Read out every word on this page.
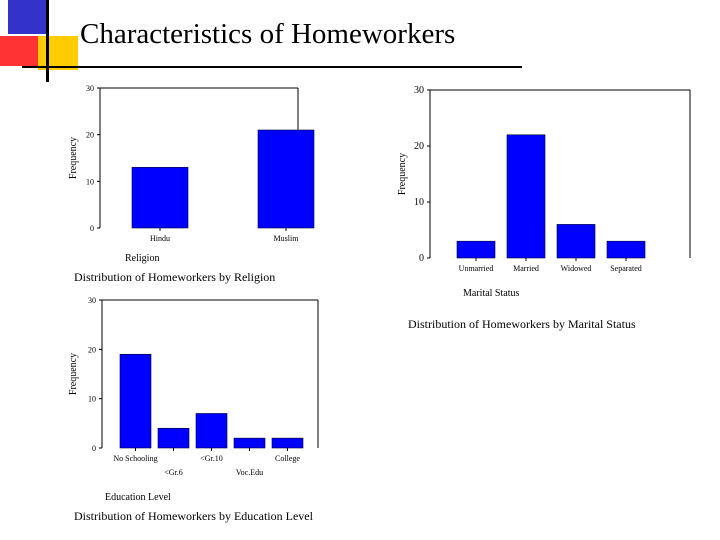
Characteristics of Homeworkers
0
10
20
30
Frequency
Hindu	Muslim
Religion
Distribution of Homeworkers by Religion
0
10
20
30
Frequency
Unmarried Married	Widowed Separated
Marital Status
Distribution of Homeworkers by Marital Status
0
10
20
30
Frequency
No Schooling
<Gr.6
<Gr.10
Voc.Edu
College
Education Level
Distribution of Homeworkers by Education Level
